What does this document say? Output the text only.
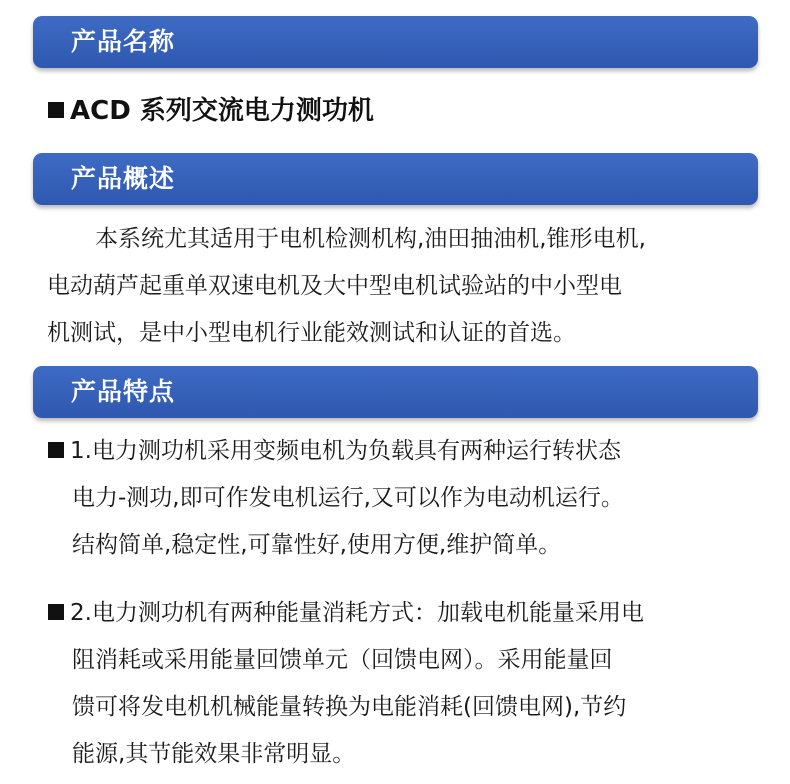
产品名称
ACD 系列交流电力测功机
产品概述
本系统尤其适用于电机检测机构,油田抽油机,锥形电机,
电动葫芦起重单双速电机及大中型电机试验站的中小型电
机测试，是中小型电机行业能效测试和认证的首选。
产品特点
1.电力测功机采用变频电机为负载具有两种运行转状态
电力-测功,即可作发电机运行,又可以作为电动机运行。
结构简单,稳定性,可靠性好,使用方便,维护简单。
2.电力测功机有两种能量消耗方式：加载电机能量采用电
阻消耗或采用能量回馈单元（回馈电网）。采用能量回
馈可将发电机机械能量转换为电能消耗(回馈电网),节约
能源,其节能效果非常明显。
